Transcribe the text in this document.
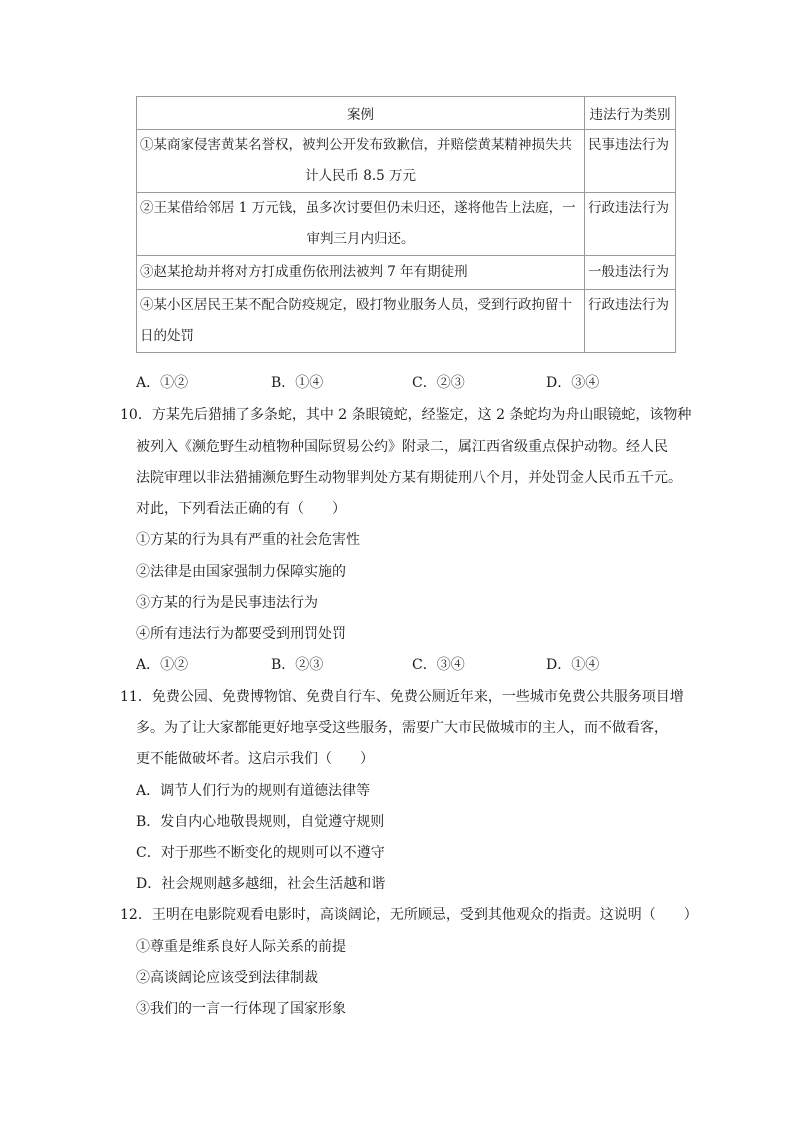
案例	违法行为类别
①某商家侵害黄某名誉权，被判公开发布致歉信，并赔偿黄某精神损失共
计人民币 8.5 万元	民事违法行为
②王某借给邻居 1 万元钱，虽多次讨要但仍未归还，遂将他告上法庭，一
审判三月内归还。	行政违法行为
③赵某抢劫并将对方打成重伤依刑法被判 7 年有期徒刑	一般违法行为
④某小区居民王某不配合防疫规定，殴打物业服务人员，受到行政拘留十
日的处罚	行政违法行为
A．①②	B．①④	C．②③	D．③④
10．方某先后猎捕了多条蛇，其中 2 条眼镜蛇，经鉴定，这 2 条蛇均为舟山眼镜蛇，该物种
被列入《濒危野生动植物种国际贸易公约》附录二，属江西省级重点保护动物。经人民
法院审理以非法猎捕濒危野生动物罪判处方某有期徒刑八个月，并处罚金人民币五千元。
对此，下列看法正确的有（　　）
①方某的行为具有严重的社会危害性
②法律是由国家强制力保障实施的
③方某的行为是民事违法行为
④所有违法行为都要受到刑罚处罚
A．①②	B．②③	C．③④	D．①④
11．免费公园、免费博物馆、免费自行车、免费公厕近年来，一些城市免费公共服务项目增
多。为了让大家都能更好地享受这些服务，需要广大市民做城市的主人，而不做看客，
更不能做破坏者。这启示我们（　　）
A．调节人们行为的规则有道德法律等
B．发自内心地敬畏规则，自觉遵守规则
C．对于那些不断变化的规则可以不遵守
D．社会规则越多越细，社会生活越和谐
12．王明在电影院观看电影时，高谈阔论，无所顾忌，受到其他观众的指责。这说明（　　）
①尊重是维系良好人际关系的前提
②高谈阔论应该受到法律制裁
③我们的一言一行体现了国家形象
